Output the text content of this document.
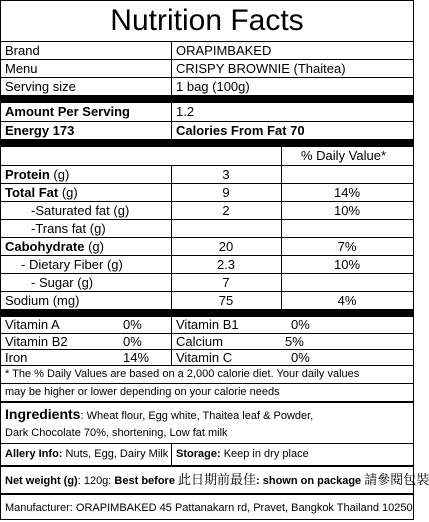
Nutrition Facts
Brand	ORAPIMBAKED
Menu	CRISPY BROWNIE (Thaitea)
Serving size	1 bag (100g)
Amount Per Serving	1.2
Energy 173	Calories From Fat 70
% Daily Value*
Protein (g)	3
Total Fat (g)	9	14%
-Saturated fat (g)	2	10%
-Trans fat (g)
Cabohydrate (g)	20	7%
- Dietary Fiber (g)	2.3	10%
- Sugar (g)	7
Sodium (mg)	75	4%
Vitamin A	0%	Vitamin B1	0%
Vitamin B2	0%	Calcium	5%
Iron	14% Vitamin C	0%
* The % Daily Values are based on a 2,000 calorie diet. Your daily values
may be higher or lower depending on your calorie needs
Ingredients: Wheat flour, Egg white, Thaitea leaf & Powder,
Dark Chocolate 70%, shortening, Low fat milk
Allery Info: Nuts, Egg, Dairy Milk Storage: Keep in dry place
Net weight (g): 120g: Best before 此日期前最佳: shown on package 請參閱包裝
Manufacturer: ORAPIMBAKED 45 Pattanakarn rd, Pravet, Bangkok Thailand 10250
